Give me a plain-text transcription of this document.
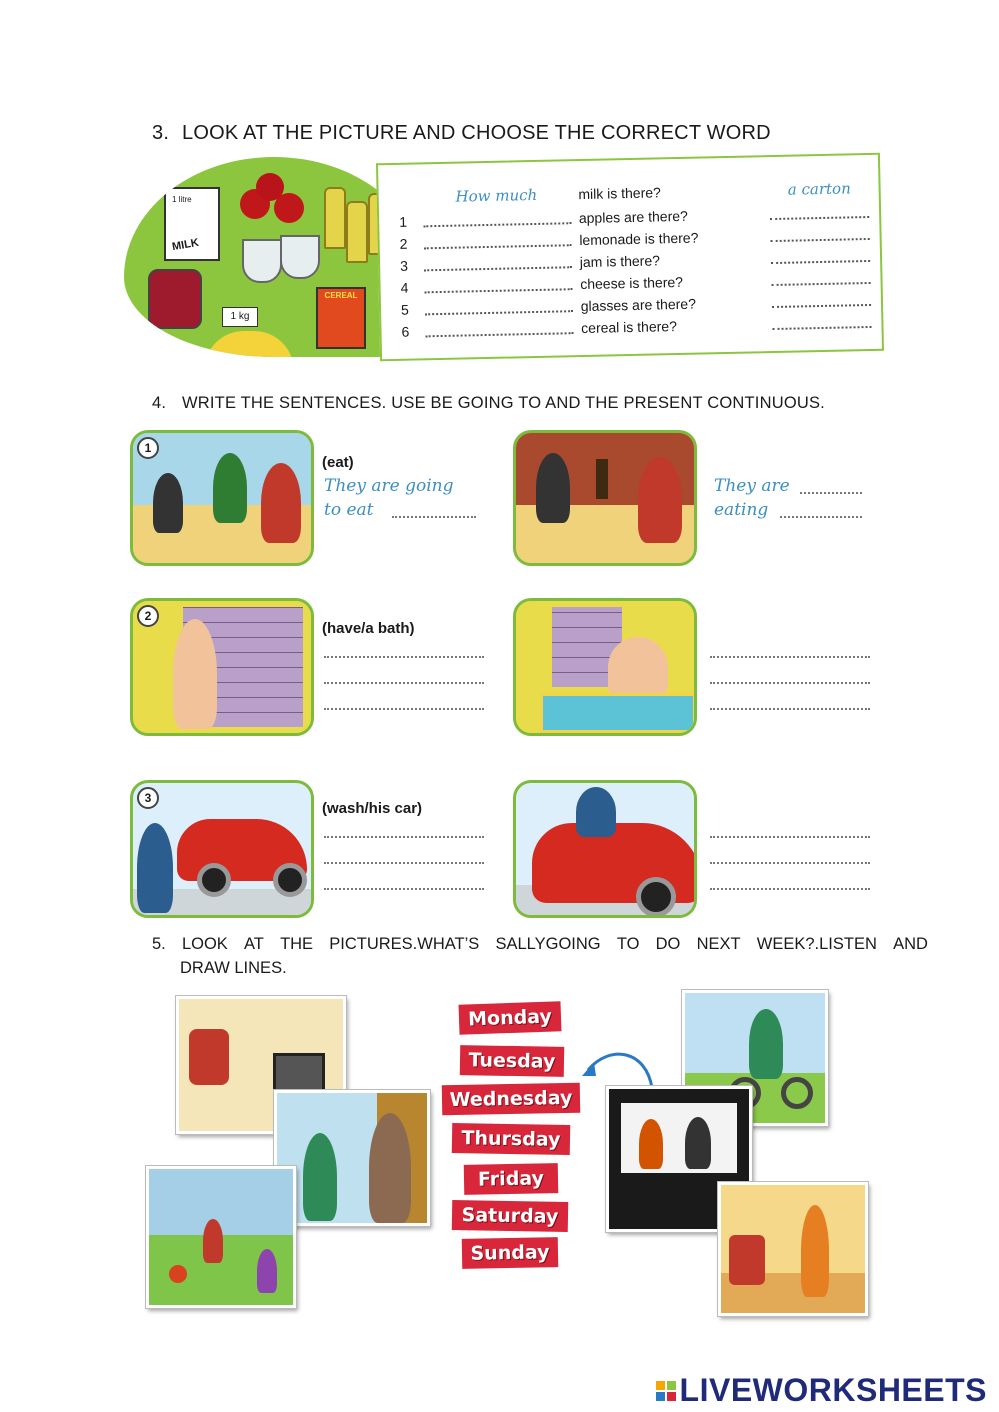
3. LOOK AT THE PICTURE AND CHOOSE THE CORRECT WORD
1 litre
MILK
1 kg
CEREAL
How much	milk is there?	a carton
1	apples are there?
2	lemonade is there?
3	jam is there?
4	cheese is there?
5	glasses are there?
6	cereal is there?
4. WRITE THE SENTENCES. USE BE GOING TO AND THE PRESENT CONTINUOUS.
1
(eat)
They are going
to eat
They are
eating
2
(have/a bath)
3
(wash/his car)
5. LOOK AT THE PICTURES.WHAT’S SALLYGOING TO DO NEXT WEEK?.LISTEN AND
DRAW LINES.
Monday
Tuesday
Wednesday
Thursday
Friday
Saturday
Sunday
LIVEWORKSHEETS
